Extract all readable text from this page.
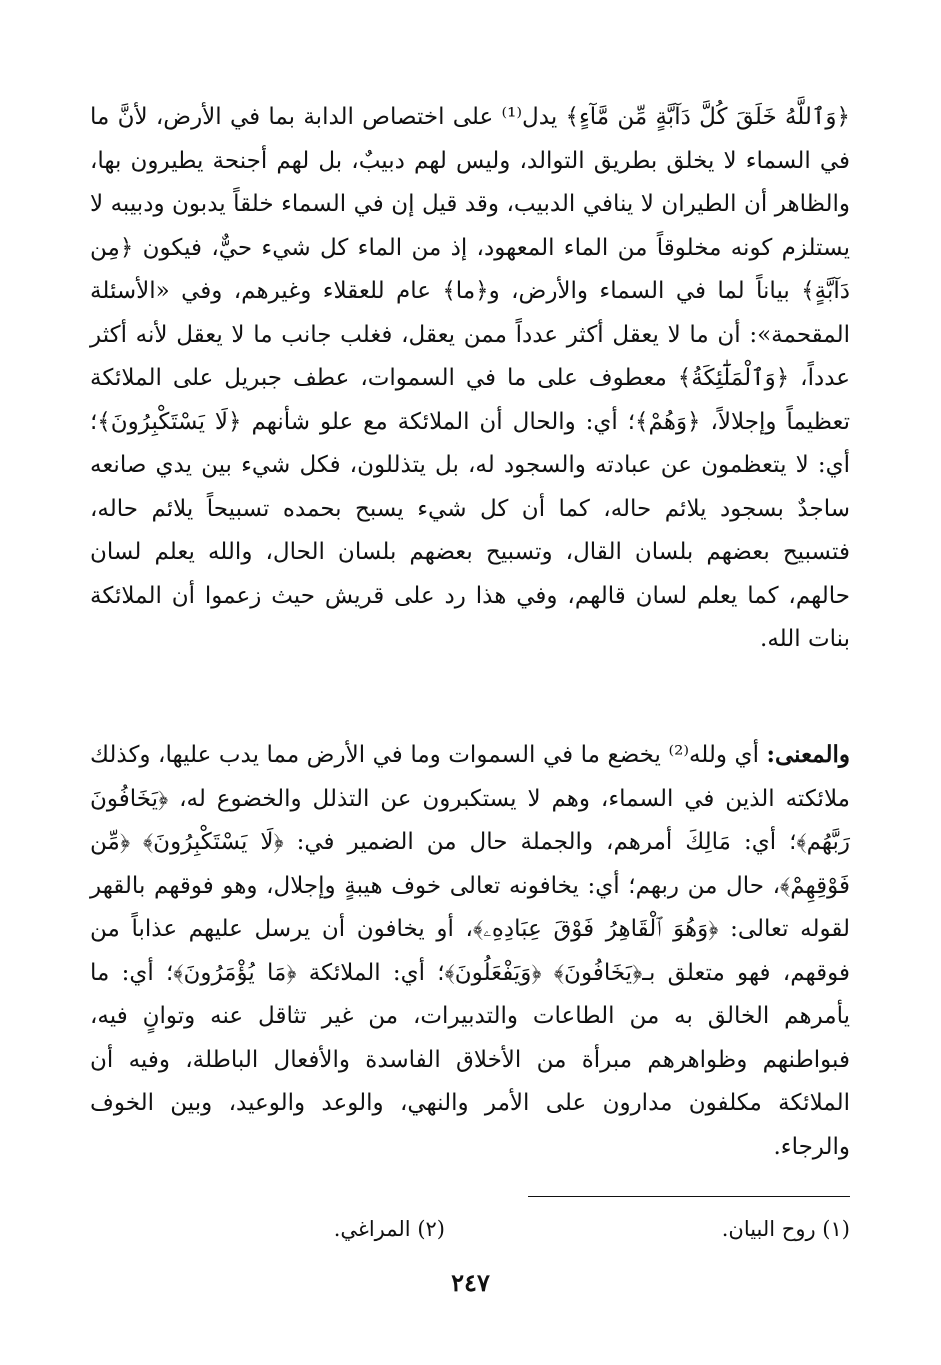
﴿وَٱللَّهُ خَلَقَ كُلَّ دَآبَّةٍ مِّن مَّآءٍ﴾ يدل⁽¹⁾ على اختصاص الدابة بما في الأرض، لأنَّ ما في السماء لا يخلق بطريق التوالد، وليس لهم دبيبٌ، بل لهم أجنحة يطيرون بها، والظاهر أن الطيران لا ينافي الدبيب، وقد قيل إن في السماء خلقاً يدبون ودبيبه لا يستلزم كونه مخلوقاً من الماء المعهود، إذ من الماء كل شيء حيٌّ، فيكون ﴿مِن دَآبَّةٍ﴾ بياناً لما في السماء والأرض، و﴿ما﴾ عام للعقلاء وغيرهم، وفي «الأسئلة المقحمة»: أن ما لا يعقل أكثر عدداً ممن يعقل، فغلب جانب ما لا يعقل لأنه أكثر عدداً، ﴿وَٱلْمَلَٰٓئِكَةُ﴾ معطوف على ما في السموات، عطف جبريل على الملائكة تعظيماً وإجلالاً، ﴿وَهُمْ﴾؛ أي: والحال أن الملائكة مع علو شأنهم ﴿لَا يَسْتَكْبِرُونَ﴾؛ أي: لا يتعظمون عن عبادته والسجود له، بل يتذللون، فكل شيء بين يدي صانعه ساجدٌ بسجود يلائم حاله، كما أن كل شيء يسبح بحمده تسبيحاً يلائم حاله، فتسبيح بعضهم بلسان القال، وتسبيح بعضهم بلسان الحال، والله يعلم لسان حالهم، كما يعلم لسان قالهم، وفي هذا رد على قريش حيث زعموا أن الملائكة بنات الله.

والمعنى: أي ولله⁽²⁾ يخضع ما في السموات وما في الأرض مما يدب عليها، وكذلك ملائكته الذين في السماء، وهم لا يستكبرون عن التذلل والخضوع له، ﴿يَخَافُونَ رَبَّهُم﴾؛ أي: مَالِكَ أمرهم، والجملة حال من الضمير في: ﴿لَا يَسْتَكْبِرُونَ﴾ ﴿مِّن فَوْقِهِمْ﴾، حال من ربهم؛ أي: يخافونه تعالى خوف هيبةٍ وإجلال، وهو فوقهم بالقهر لقوله تعالى: ﴿وَهُوَ ٱلْقَاهِرُ فَوْقَ عِبَادِهِۦ﴾، أو يخافون أن يرسل عليهم عذاباً من فوقهم، فهو متعلق بـ﴿يَخَافُونَ﴾ ﴿وَيَفْعَلُونَ﴾؛ أي: الملائكة ﴿مَا يُؤْمَرُونَ﴾؛ أي: ما يأمرهم الخالق به من الطاعات والتدبيرات، من غير تثاقل عنه وتوانٍ فيه، فبواطنهم وظواهرهم مبرأة من الأخلاق الفاسدة والأفعال الباطلة، وفيه أن الملائكة مكلفون مدارون على الأمر والنهي، والوعد والوعيد، وبين الخوف والرجاء.

(١) روح البيان.
(٢) المراغي.
٢٤٧
